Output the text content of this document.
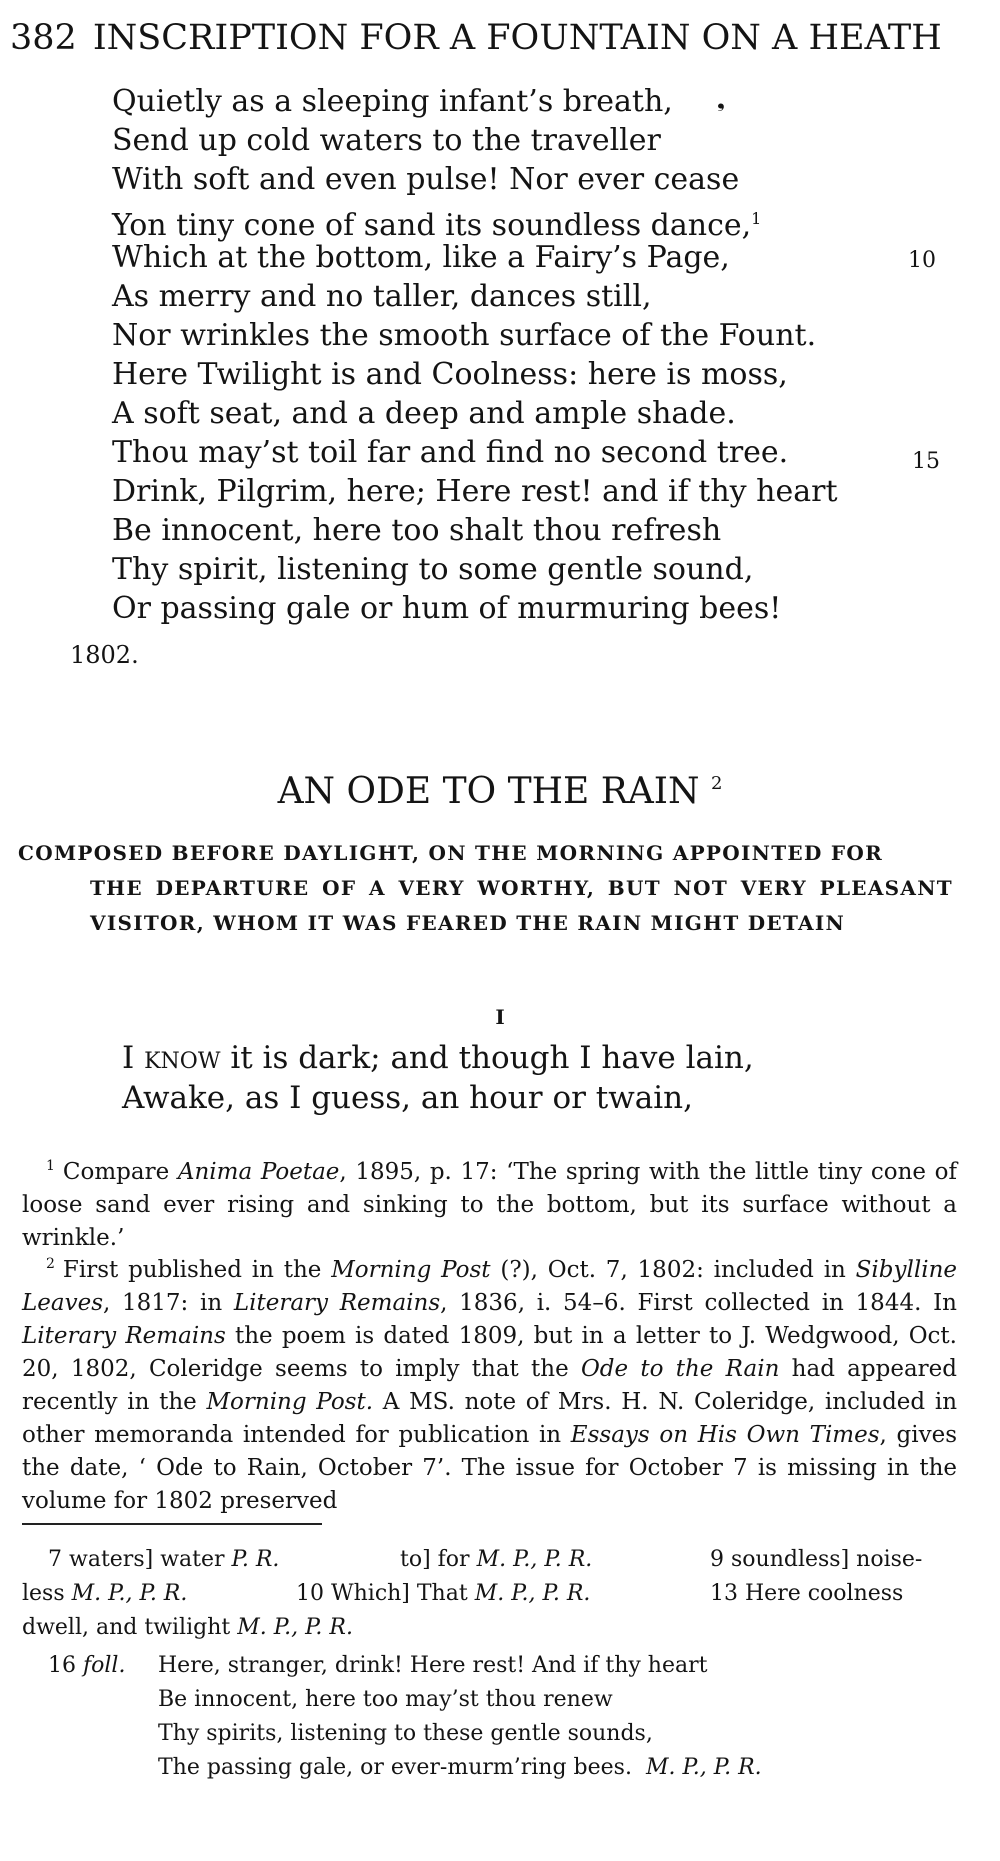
382 INSCRIPTION FOR A FOUNTAIN ON A HEATH
Quietly as a sleeping infant’s breath, ❟
Send up cold waters to the traveller
With soft and even pulse! Nor ever cease
Yon tiny cone of sand its soundless dance,$^1$
Which at the bottom, like a Fairy’s Page,
As merry and no taller, dances still,
Nor wrinkles the smooth surface of the Fount.
Here Twilight is and Coolness: here is moss,
A soft seat, and a deep and ample shade.
Thou may’st toil far and find no second tree.
Drink, Pilgrim, here; Here rest! and if thy heart
Be innocent, here too shalt thou refresh
Thy spirit, listening to some gentle sound,
Or passing gale or hum of murmuring bees!
10
15
1802.
AN ODE TO THE RAIN $^2$
COMPOSED BEFORE DAYLIGHT, ON THE MORNING APPOINTED FOR
THE DEPARTURE OF A VERY WORTHY, BUT NOT VERY PLEASANT VISITOR, WHOM IT WAS FEARED THE RAIN MIGHT DETAIN
I
I know it is dark; and though I have lain,
Awake, as I guess, an hour or twain,

$^1$ Compare Anima Poetae, 1895, p. 17: ‘The spring with the little tiny cone of loose sand ever rising and sinking to the bottom, but its surface without a wrinkle.’

$^2$ First published in the Morning Post (?), Oct. 7, 1802: included in Sibylline Leaves, 1817: in Literary Remains, 1836, i. 54–6. First collected in 1844. In Literary Remains the poem is dated 1809, but in a letter to J. Wedgwood, Oct. 20, 1802, Coleridge seems to imply that the Ode to the Rain had appeared recently in the Morning Post. A MS. note of Mrs. H. N. Coleridge, included in other memoranda intended for publication in Essays on His Own Times, gives the date, ‘ Ode to Rain, October 7’. The issue for October 7 is missing in the volume for 1802 preserved

7 waters] water P. R.	to] for M. P., P. R.	9 soundless] noise-
less M. P., P. R.	10 Which] That M. P., P. R.	13 Here coolness
dwell, and twilight M. P., P. R.
16 foll. Here, stranger, drink! Here rest! And if thy heart
Be innocent, here too may’st thou renew
Thy spirits, listening to these gentle sounds,
The passing gale, or ever-murm’ring bees. M. P., P. R.
